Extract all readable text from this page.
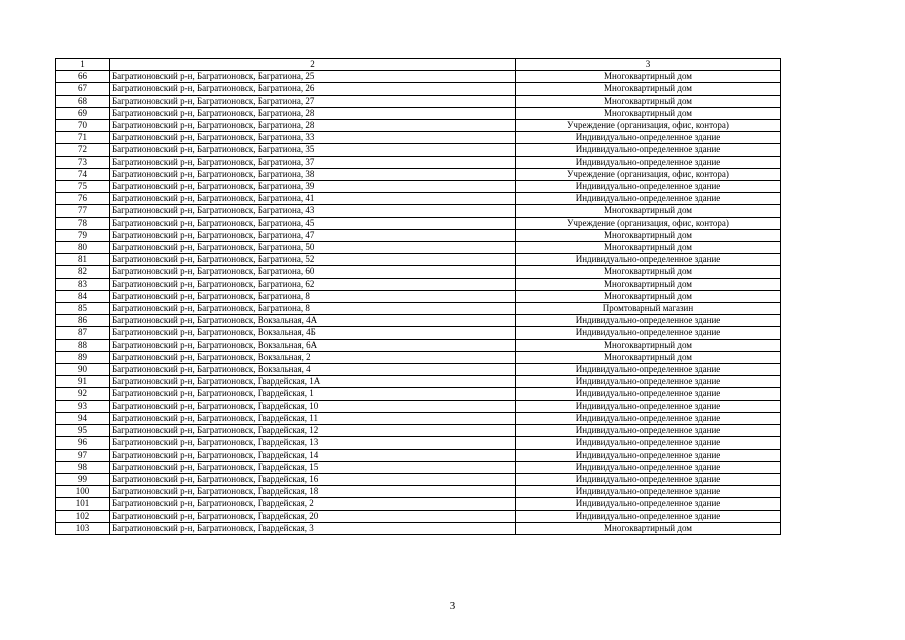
1	2	3
66	Багратионовский р-н, Багратионовск, Багратиона, 25	Многоквартирный дом
67	Багратионовский р-н, Багратионовск, Багратиона, 26	Многоквартирный дом
68	Багратионовский р-н, Багратионовск, Багратиона, 27	Многоквартирный дом
69	Багратионовский р-н, Багратионовск, Багратиона, 28	Многоквартирный дом
70	Багратионовский р-н, Багратионовск, Багратиона, 28	Учреждение (организация, офис, контора)
71	Багратионовский р-н, Багратионовск, Багратиона, 33	Индивидуально-определенное здание
72	Багратионовский р-н, Багратионовск, Багратиона, 35	Индивидуально-определенное здание
73	Багратионовский р-н, Багратионовск, Багратиона, 37	Индивидуально-определенное здание
74	Багратионовский р-н, Багратионовск, Багратиона, 38	Учреждение (организация, офис, контора)
75	Багратионовский р-н, Багратионовск, Багратиона, 39	Индивидуально-определенное здание
76	Багратионовский р-н, Багратионовск, Багратиона, 41	Индивидуально-определенное здание
77	Багратионовский р-н, Багратионовск, Багратиона, 43	Многоквартирный дом
78	Багратионовский р-н, Багратионовск, Багратиона, 45	Учреждение (организация, офис, контора)
79	Багратионовский р-н, Багратионовск, Багратиона, 47	Многоквартирный дом
80	Багратионовский р-н, Багратионовск, Багратиона, 50	Многоквартирный дом
81	Багратионовский р-н, Багратионовск, Багратиона, 52	Индивидуально-определенное здание
82	Багратионовский р-н, Багратионовск, Багратиона, 60	Многоквартирный дом
83	Багратионовский р-н, Багратионовск, Багратиона, 62	Многоквартирный дом
84	Багратионовский р-н, Багратионовск, Багратиона, 8	Многоквартирный дом
85	Багратионовский р-н, Багратионовск, Багратиона, 8	Промтоварный магазин
86	Багратионовский р-н, Багратионовск, Вокзальная, 4А	Индивидуально-определенное здание
87	Багратионовский р-н, Багратионовск, Вокзальная, 4Б	Индивидуально-определенное здание
88	Багратионовский р-н, Багратионовск, Вокзальная, 6А	Многоквартирный дом
89	Багратионовский р-н, Багратионовск, Вокзальная, 2	Многоквартирный дом
90	Багратионовский р-н, Багратионовск, Вокзальная, 4	Индивидуально-определенное здание
91	Багратионовский р-н, Багратионовск, Гвардейская, 1А	Индивидуально-определенное здание
92	Багратионовский р-н, Багратионовск, Гвардейская, 1	Индивидуально-определенное здание
93	Багратионовский р-н, Багратионовск, Гвардейская, 10	Индивидуально-определенное здание
94	Багратионовский р-н, Багратионовск, Гвардейская, 11	Индивидуально-определенное здание
95	Багратионовский р-н, Багратионовск, Гвардейская, 12	Индивидуально-определенное здание
96	Багратионовский р-н, Багратионовск, Гвардейская, 13	Индивидуально-определенное здание
97	Багратионовский р-н, Багратионовск, Гвардейская, 14	Индивидуально-определенное здание
98	Багратионовский р-н, Багратионовск, Гвардейская, 15	Индивидуально-определенное здание
99	Багратионовский р-н, Багратионовск, Гвардейская, 16	Индивидуально-определенное здание
100	Багратионовский р-н, Багратионовск, Гвардейская, 18	Индивидуально-определенное здание
101	Багратионовский р-н, Багратионовск, Гвардейская, 2	Индивидуально-определенное здание
102	Багратионовский р-н, Багратионовск, Гвардейская, 20	Индивидуально-определенное здание
103	Багратионовский р-н, Багратионовск, Гвардейская, 3	Многоквартирный дом
3
